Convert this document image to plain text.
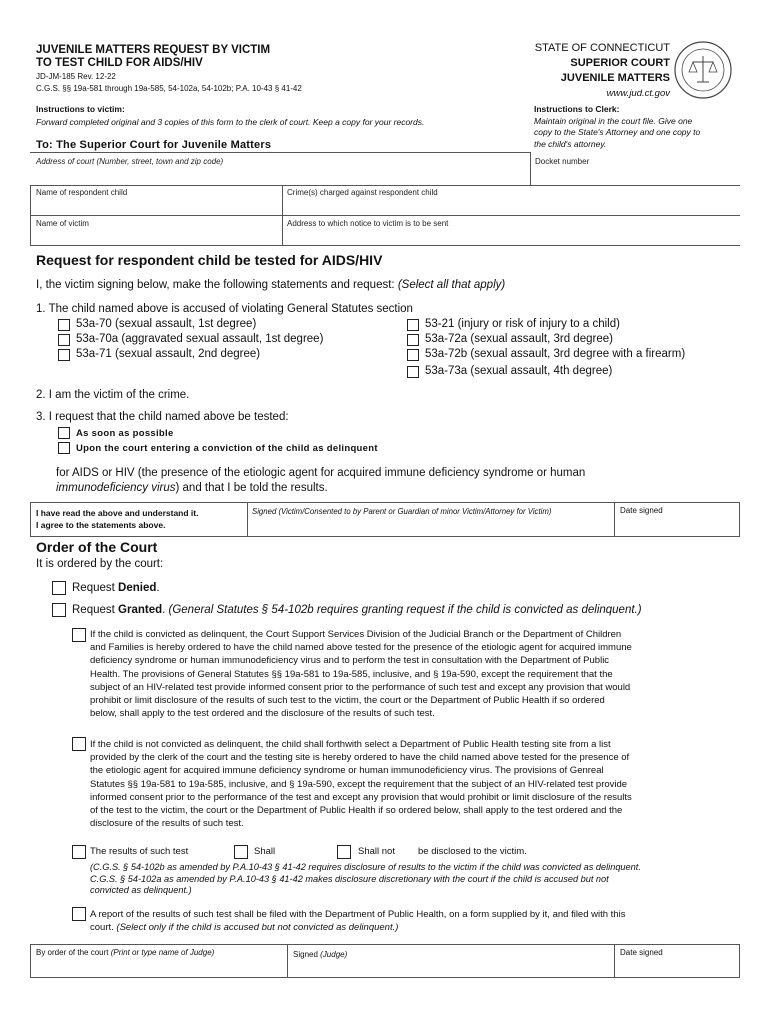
JUVENILE MATTERS REQUEST BY VICTIM
TO TEST CHILD FOR AIDS/HIV
JD-JM-185 Rev. 12-22
C.G.S. §§ 19a-581 through 19a-585, 54-102a, 54-102b; P.A. 10-43 § 41-42
STATE OF CONNECTICUT
SUPERIOR COURT
JUVENILE MATTERS
www.jud.ct.gov
Instructions to victim:
Forward completed original and 3 copies of this form to the clerk of court. Keep a copy for your records.
Instructions to Clerk:
Maintain original in the court file. Give one
copy to the State's Attorney and one copy to
the child's attorney.
To: The Superior Court for Juvenile Matters
Address of court (Number, street, town and zip code)	Docket number
Name of respondent child	Crime(s) charged against respondent child
Name of victim	Address to which notice to victim is to be sent
Request for respondent child be tested for AIDS/HIV
I, the victim signing below, make the following statements and request: (Select all that apply)
1. The child named above is accused of violating General Statutes section
53a-70 (sexual assault, 1st degree)
53a-70a (aggravated sexual assault, 1st degree)
53a-71 (sexual assault, 2nd degree)
53-21 (injury or risk of injury to a child)
53a-72a (sexual assault, 3rd degree)
53a-72b (sexual assault, 3rd degree with a firearm)
53a-73a (sexual assault, 4th degree)
2. I am the victim of the crime.
3. I request that the child named above be tested:
As soon as possible
Upon the court entering a conviction of the child as delinquent
for AIDS or HIV (the presence of the etiologic agent for acquired immune deficiency syndrome or human
immunodeficiency virus) and that I be told the results.
I have read the above and understand it.
I agree to the statements above.
Signed (Victim/Consented to by Parent or Guardian of minor Victim/Attorney for Victim)	Date signed
Order of the Court
It is ordered by the court:
Request Denied.
Request Granted. (General Statutes § 54-102b requires granting request if the child is convicted as delinquent.)
If the child is convicted as delinquent, the Court Support Services Division of the Judicial Branch or the Department of Children
and Families is hereby ordered to have the child named above tested for the presence of the etiologic agent for acquired immune
deficiency syndrome or human immunodeficiency virus and to perform the test in consultation with the Department of Public
Health. The provisions of General Statutes §§ 19a-581 to 19a-585, inclusive, and § 19a-590, except the requirement that the
subject of an HIV-related test provide informed consent prior to the performance of such test and except any provision that would
prohibit or limit disclosure of the results of such test to the victim, the court or the Department of Public Health if so ordered
below, shall apply to the test ordered and the disclosure of the results of such test.
If the child is not convicted as delinquent, the child shall forthwith select a Department of Public Health testing site from a list
provided by the clerk of the court and the testing site is hereby ordered to have the child named above tested for the presence of
the etiologic agent for acquired immune deficiency syndrome or human immunodeficiency virus. The provisions of Genreal
Statutes §§ 19a-581 to 19a-585, inclusive, and § 19a-590, except the requirement that the subject of an HIV-related test provide
informed consent prior to the performance of the test and except any provision that would prohibit or limit disclosure of the results
of the test to the victim, the court or the Department of Public Health if so ordered below, shall apply to the test ordered and the
disclosure of the results of such test.
The results of such test	Shall	Shall not be disclosed to the victim.
(C.G.S. § 54-102b as amended by P.A.10-43 § 41-42 requires disclosure of results to the victim if the child was convicted as delinquent.
C.G.S. § 54-102a as amended by P.A.10-43 § 41-42 makes disclosure discretionary with the court if the child is accused but not
convicted as delinquent.)
A report of the results of such test shall be filed with the Department of Public Health, on a form supplied by it, and filed with this
court. (Select only if the child is accused but not convicted as delinquent.)
By order of the court (Print or type name of Judge)	Signed (Judge)	Date signed
